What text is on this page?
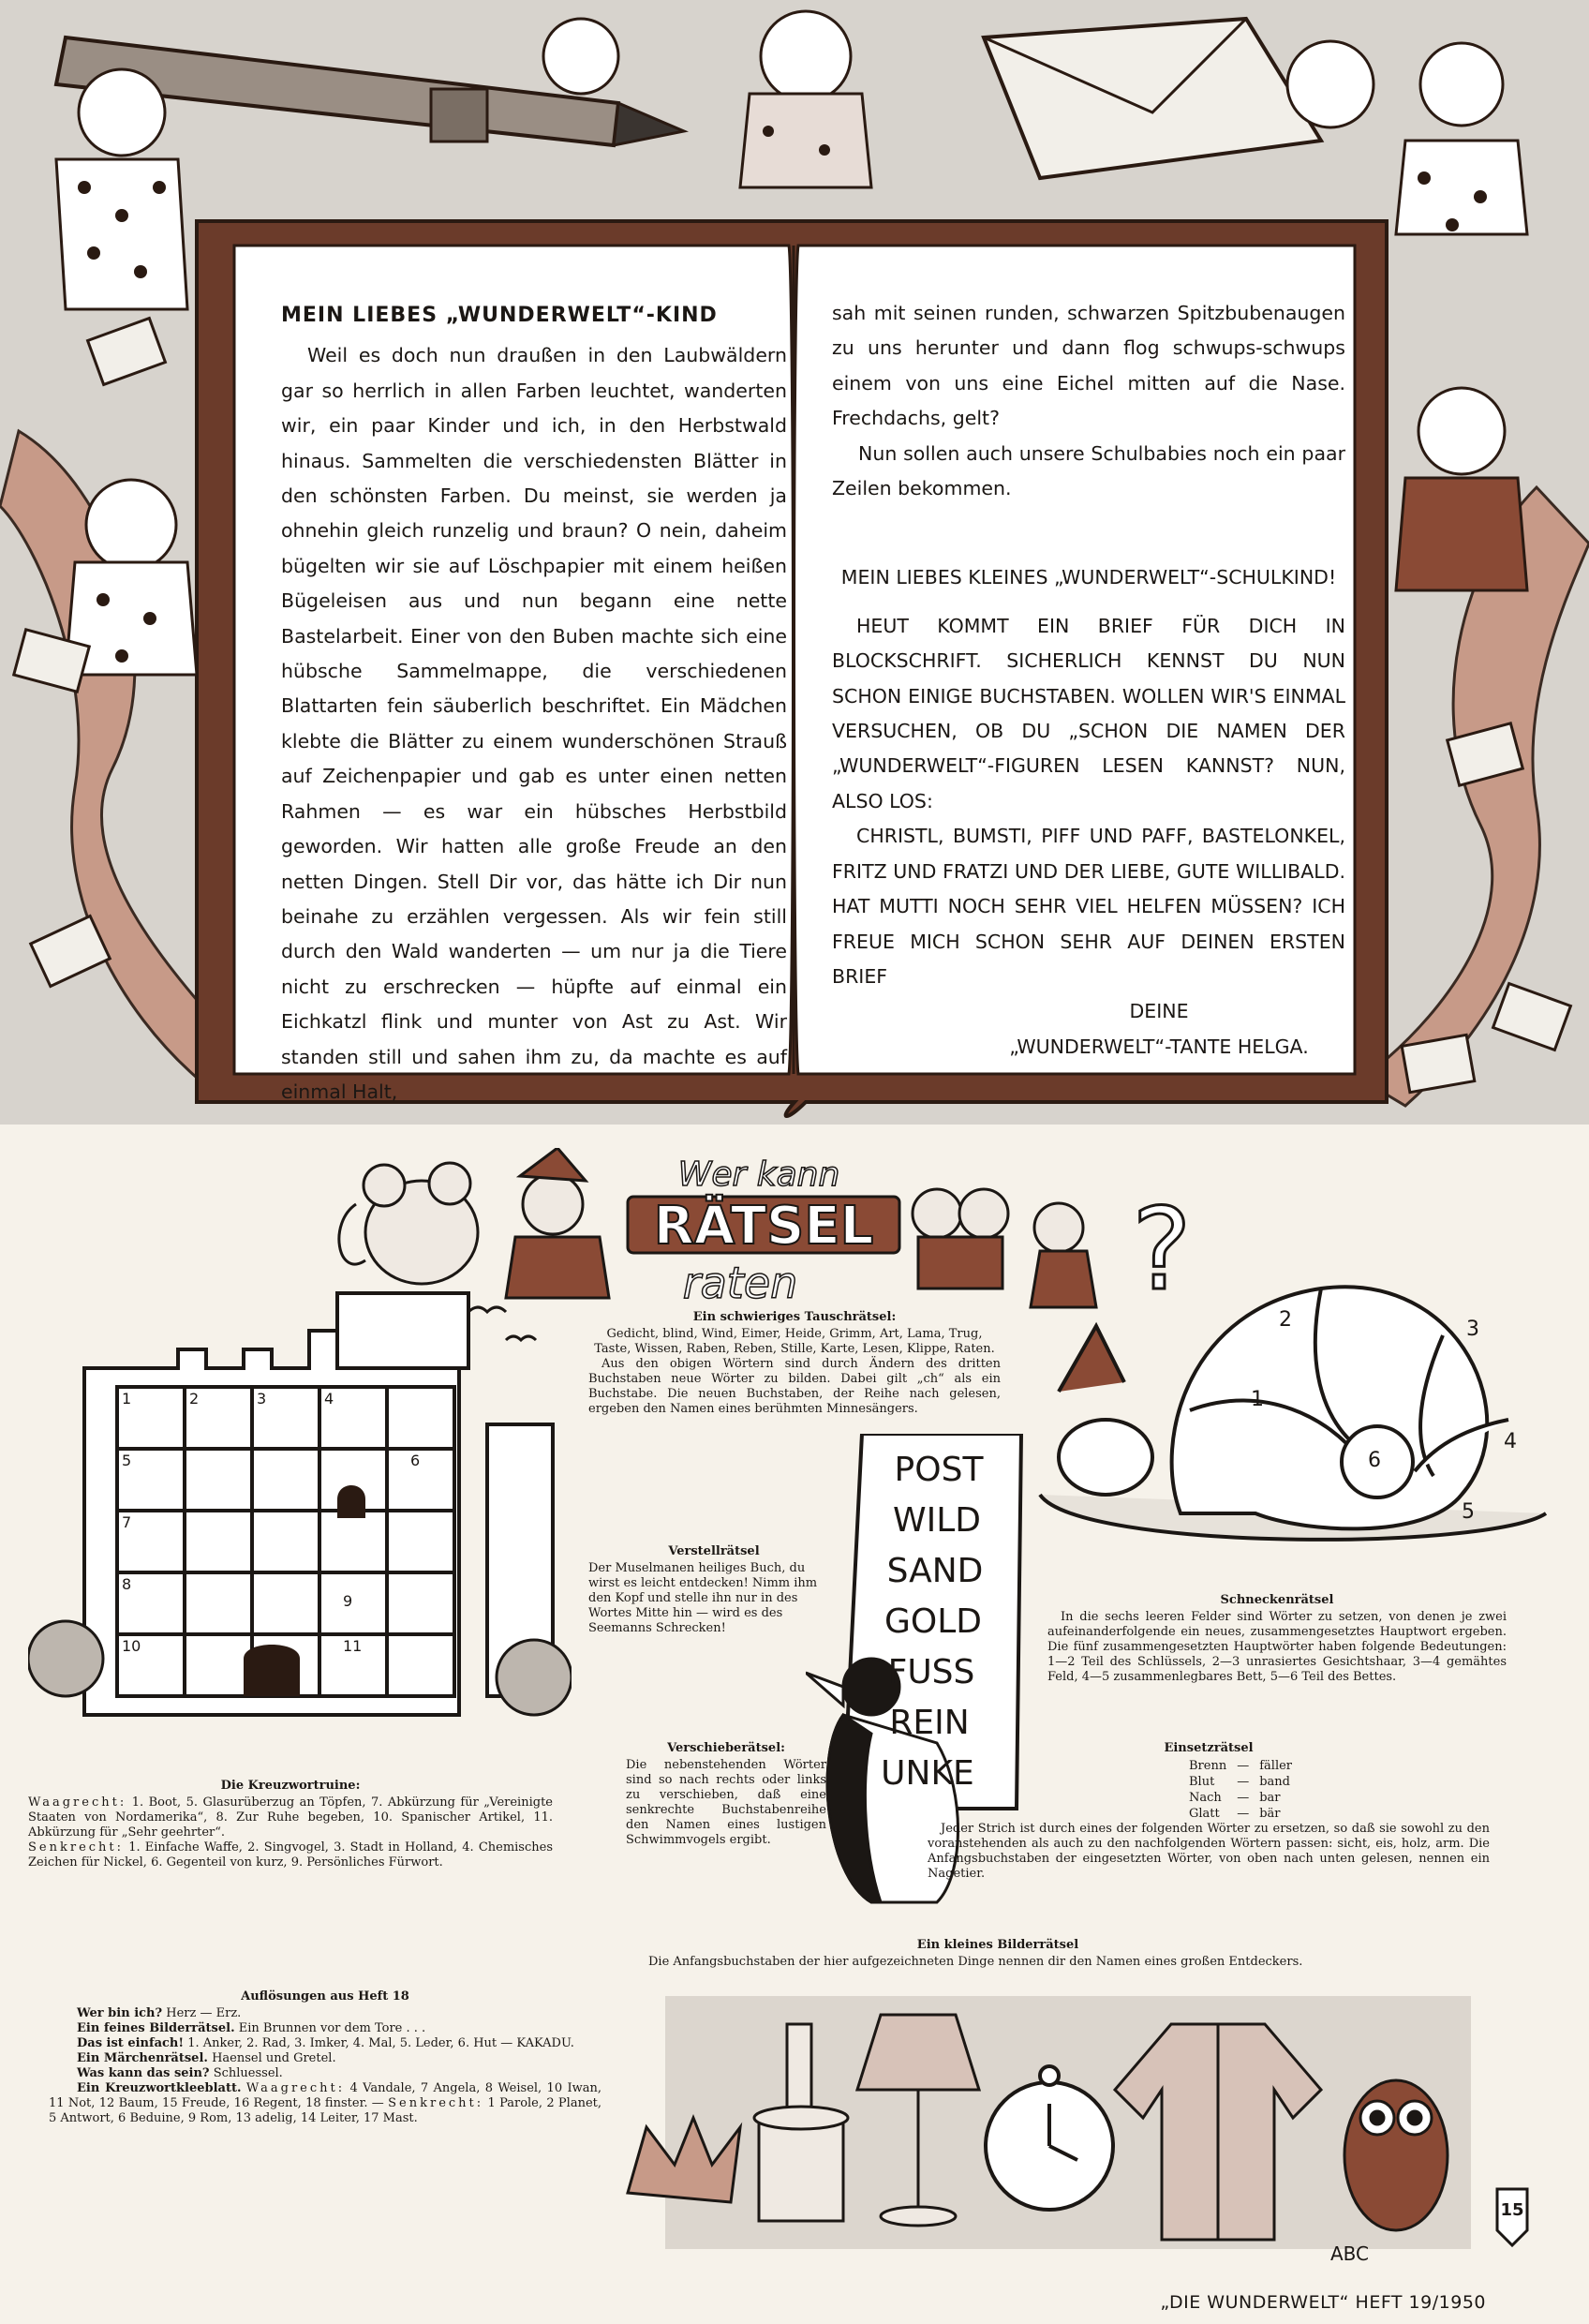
MEIN LIEBES „WUNDERWELT“-KIND

Weil es doch nun draußen in den Laubwäldern gar so herrlich in allen Farben leuchtet, wanderten wir, ein paar Kinder und ich, in den Herbstwald hinaus. Sammelten die verschiedensten Blätter in den schönsten Farben. Du meinst, sie werden ja ohnehin gleich runzelig und braun? O nein, daheim bügelten wir sie auf Löschpapier mit einem heißen Bügeleisen aus und nun begann eine nette Bastelarbeit. Einer von den Buben machte sich eine hübsche Sammelmappe, die verschiedenen Blattarten fein säuberlich beschriftet. Ein Mädchen klebte die Blätter zu einem wunderschönen Strauß auf Zeichenpapier und gab es unter einen netten Rahmen — es war ein hübsches Herbstbild geworden. Wir hatten alle große Freude an den netten Dingen. Stell Dir vor, das hätte ich Dir nun beinahe zu erzählen vergessen. Als wir fein still durch den Wald wanderten — um nur ja die Tiere nicht zu erschrecken — hüpfte auf einmal ein Eichkatzl flink und munter von Ast zu Ast. Wir standen still und sahen ihm zu, da machte es auf einmal Halt,

sah mit seinen runden, schwarzen Spitzbubenaugen zu uns herunter und dann flog schwups-schwups einem von uns eine Eichel mitten auf die Nase. Frechdachs, gelt?

Nun sollen auch unsere Schulbabies noch ein paar Zeilen bekommen.

MEIN LIEBES KLEINES „WUNDERWELT“-SCHULKIND!

HEUT KOMMT EIN BRIEF FÜR DICH IN BLOCKSCHRIFT. SICHERLICH KENNST DU NUN SCHON EINIGE BUCHSTABEN. WOLLEN WIR'S EINMAL VERSUCHEN, OB DU „SCHON DIE NAMEN DER „WUNDERWELT“-FIGUREN LESEN KANNST? NUN, ALSO LOS:

CHRISTL, BUMSTI, PIFF UND PAFF, BASTELONKEL, FRITZ UND FRATZI UND DER LIEBE, GUTE WILLIBALD. HAT MUTTI NOCH SEHR VIEL HELFEN MÜSSEN? ICH FREUE MICH SCHON SEHR AUF DEINEN ERSTEN BRIEF

DEINE

„WUNDERWELT“-TANTE HELGA.

Wer kann
RÄTSEL
raten	?
1	2	3	4
5	6
7
8
9
10	11

Die Kreuzwortruine:

Waagrecht: 1. Boot, 5. Glasurüberzug an Töpfen, 7. Abkürzung für „Vereinigte Staaten von Nordamerika“, 8. Zur Ruhe begeben, 10. Spanischer Artikel, 11. Abkürzung für „Sehr geehrter“.

Senkrecht: 1. Einfache Waffe, 2. Singvogel, 3. Stadt in Holland, 4. Chemisches Zeichen für Nickel, 6. Gegenteil von kurz, 9. Persönliches Fürwort.

Ein schwieriges Tauschrätsel:

Gedicht, blind, Wind, Eimer, Heide, Grimm, Art, Lama, Trug, Taste, Wissen, Raben, Reben, Stille, Karte, Lesen, Klippe, Raten.

Aus den obigen Wörtern sind durch Ändern des dritten Buchstaben neue Wörter zu bilden. Dabei gilt „ch“ als ein Buchstabe. Die neuen Buchstaben, der Reihe nach gelesen, ergeben den Namen eines berühmten Minnesängers.

Verstellrätsel

Der Muselmanen heiliges Buch, du wirst es leicht entdecken! Nimm ihm den Kopf und stelle ihn nur in des Wortes Mitte hin — wird es des Seemanns Schrecken!

POST
WILD
SAND
GOLD
FUSS
REIN
UNKE

Verschieberätsel:

Die nebenstehenden Wörter sind so nach rechts oder links zu verschieben, daß eine senkrechte Buchstabenreihe den Namen eines lustigen Schwimmvogels ergibt.

1
2	3
4
5
6

Schneckenrätsel

In die sechs leeren Felder sind Wörter zu setzen, von denen je zwei aufeinanderfolgende ein neues, zusammengesetztes Hauptwort ergeben. Die fünf zusammengesetzten Hauptwörter haben folgende Bedeutungen: 1—2 Teil des Schlüssels, 2—3 unrasiertes Gesichtshaar, 3—4 gemähtes Feld, 4—5 zusammenlegbares Bett, 5—6 Teil des Bettes.

Einsetzrätsel

Brenn	—	fäller
Blut	—	band
Nach	—	bar
Glatt	—	bär

Jeder Strich ist durch eines der folgenden Wörter zu ersetzen, so daß sie sowohl zu den voranstehenden als auch zu den nachfolgenden Wörtern passen: sicht, eis, holz, arm. Die Anfangsbuchstaben der eingesetzten Wörter, von oben nach unten gelesen, nennen ein Nagetier.

Ein kleines Bilderrätsel

Die Anfangsbuchstaben der hier aufgezeichneten Dinge nennen dir den Namen eines großen Entdeckers.

ABC

Auflösungen aus Heft 18

Wer bin ich? Herz — Erz.

Ein feines Bilderrätsel. Ein Brunnen vor dem Tore . . .

Das ist einfach! 1. Anker, 2. Rad, 3. Imker, 4. Mal, 5. Leder, 6. Hut — KAKADU.

Ein Märchenrätsel. Haensel und Gretel.

Was kann das sein? Schluessel.

Ein Kreuzwortkleeblatt. Waagrecht: 4 Vandale, 7 Angela, 8 Weisel, 10 Iwan, 11 Not, 12 Baum, 15 Freude, 16 Regent, 18 finster. — Senkrecht: 1 Parole, 2 Planet, 5 Antwort, 6 Beduine, 9 Rom, 13 adelig, 14 Leiter, 17 Mast.

15
„DIE WUNDERWELT“ HEFT 19/1950
